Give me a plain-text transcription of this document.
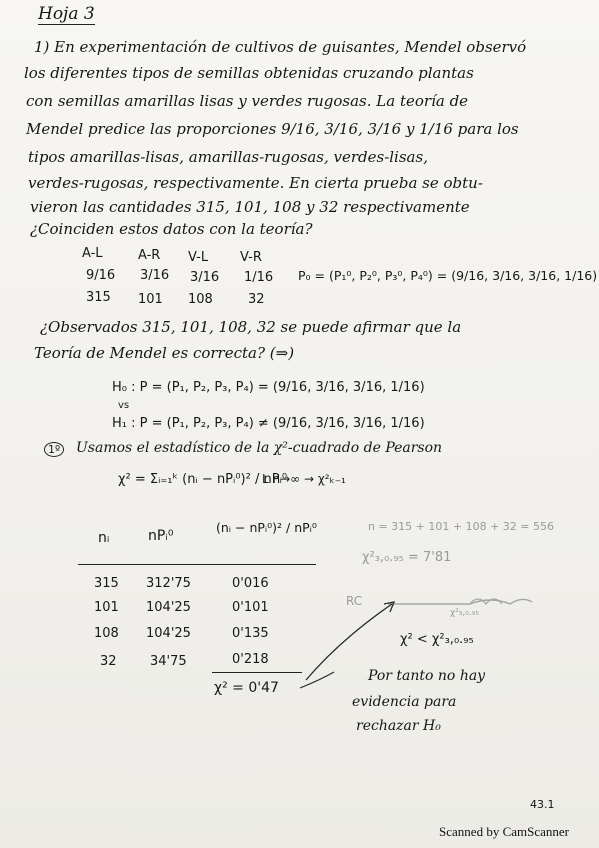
Hoja 3
1) En experimentación de cultivos de guisantes, Mendel observó
los diferentes tipos de semillas obtenidas cruzando plantas
con semillas amarillas lisas y verdes rugosas. La teoría de
Mendel predice las proporciones 9/16, 3/16, 3/16 y 1/16 para los
tipos amarillas-lisas, amarillas-rugosas, verdes-lisas,
verdes-rugosas, respectivamente. En cierta prueba se obtu-
vieron las cantidades 315, 101, 108 y 32 respectivamente
¿Coinciden estos datos con la teoría?
A-L	A-R V-L V-R
9/16 3/16 3/16 1/16
315 101 108	32
P₀ = (P₁⁰, P₂⁰, P₃⁰, P₄⁰) = (9/16, 3/16, 3/16, 1/16)
¿Observados 315, 101, 108, 32 se puede afirmar que la
Teoría de Mendel es correcta? (⇒)
H₀ : P = (P₁, P₂, P₃, P₄) = (9/16, 3/16, 3/16, 1/16)
vs
H₁ : P = (P₁, P₂, P₃, P₄) ≠ (9/16, 3/16, 3/16, 1/16)
1º Usamos el estadístico de la χ²-cuadrado de Pearson
χ² = Σᵢ₌₁ᵏ (nᵢ − nPᵢ⁰)² / nPᵢ⁰
L n→∞ → χ²ₖ₋₁
nᵢ	nPᵢ⁰
(nᵢ − nPᵢ⁰)² / nPᵢ⁰
315 312'75	0'016
101 104'25	0'101
108 104'25	0'135
32	34'75	0'218
χ² = 0'47
n = 315 + 101 + 108 + 32 = 556
χ²₃,₀.₉₅ = 7'81
RC
χ²₃,₀.₉₅
χ² < χ²₃,₀.₉₅
Por tanto no hay
evidencia para
rechazar H₀
43.1
Scanned by CamScanner
